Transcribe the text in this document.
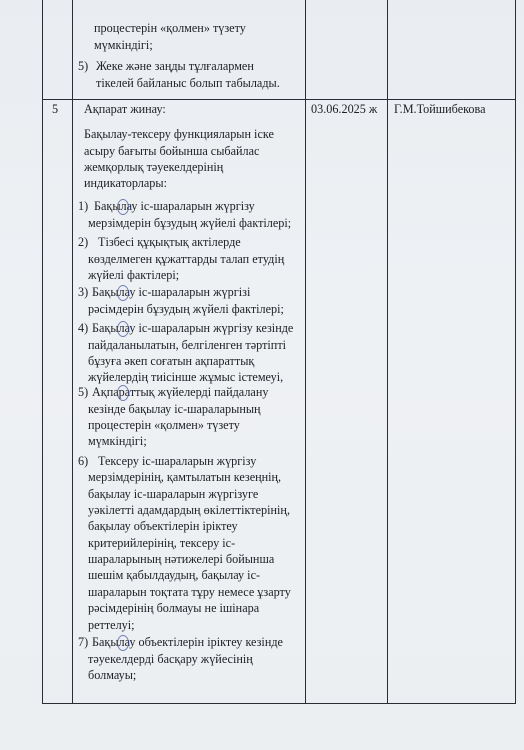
процестерін «қолмен» түзету
мүмкіндігі;
5) Жеке және заңды тұлғалармен
тікелей байланыс болып табылады.
5 Ақпарат жинау:	03.06.2025 ж Г.М.Тойшибекова
Бақылау-тексеру функцияларын іске
асыру бағыты бойынша сыбайлас
жемқорлық тәуекелдерінің
индикаторлары:
1) Бақылау іс-шараларын жүргізу
мерзімдерін бұзудың жүйелі фактілері;
2) Тізбесі құқықтық актілерде
көзделмеген құжаттарды талап етудің
жүйелі фактілері;
3) Бақылау іс-шараларын жүргізі
рәсімдерін бұзудың жүйелі фактілері;
4) Бақылау іс-шараларын жүргізу кезінде
пайдаланылатын, белгіленген тәртіпті
бұзуға әкеп соғатын ақпараттық
жүйелердің тиісінше жұмыс істемеуі,
5) Ақпараттық жүйелерді пайдалану
кезінде бақылау іс-шараларының
процестерін «қолмен» түзету
мүмкіндігі;
6) Тексеру іс-шараларын жүргізу
мерзімдерінің, қамтылатын кезеңнің,
бақылау іс-шараларын жүргізуге
уәкілетті адамдардың өкілеттіктерінің,
бақылау объектілерін іріктеу
критерийлерінің, тексеру іс-
шараларының нәтижелері бойынша
шешім қабылдаудың, бақылау іс-
шараларын тоқтата тұру немесе ұзарту
рәсімдерінің болмауы не ішінара
реттелуі;
7) Бақылау объектілерін іріктеу кезінде
тәуекелдерді басқару жүйесінің
болмауы;
